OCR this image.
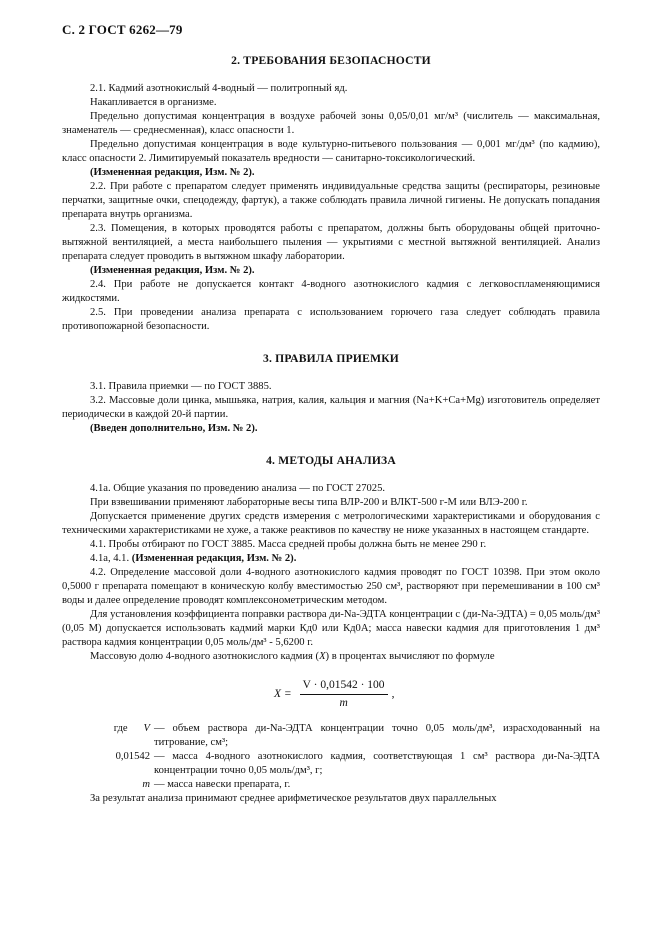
С. 2 ГОСТ 6262—79
2. ТРЕБОВАНИЯ БЕЗОПАСНОСТИ

2.1. Кадмий азотнокислый 4-водный — политропный яд.

Накапливается в организме.

Предельно допустимая концентрация в воздухе рабочей зоны 0,05/0,01 мг/м³ (числитель — максимальная, знаменатель — среднесменная), класс опасности 1.

Предельно допустимая концентрация в воде культурно-питьевого пользования — 0,001 мг/дм³ (по кадмию), класс опасности 2. Лимитируемый показатель вредности — санитарно-токсикологический.

(Измененная редакция, Изм. № 2).

2.2. При работе с препаратом следует применять индивидуальные средства защиты (респираторы, резиновые перчатки, защитные очки, спецодежду, фартук), а также соблюдать правила личной гигиены. Не допускать попадания препарата внутрь организма.

2.3. Помещения, в которых проводятся работы с препаратом, должны быть оборудованы общей приточно-вытяжной вентиляцией, а места наибольшего пыления — укрытиями с местной вытяжной вентиляцией. Анализ препарата следует проводить в вытяжном шкафу лаборатории.

(Измененная редакция, Изм. № 2).

2.4. При работе не допускается контакт 4-водного азотнокислого кадмия с легковоспламеняющимися жидкостями.

2.5. При проведении анализа препарата с использованием горючего газа следует соблюдать правила противопожарной безопасности.

3. ПРАВИЛА ПРИЕМКИ

3.1. Правила приемки — по ГОСТ 3885.

3.2. Массовые доли цинка, мышьяка, натрия, калия, кальция и магния (Na+K+Ca+Mg) изготовитель определяет периодически в каждой 20-й партии.

(Введен дополнительно, Изм. № 2).

4. МЕТОДЫ АНАЛИЗА

4.1а. Общие указания по проведению анализа — по ГОСТ 27025.

При взвешивании применяют лабораторные весы типа ВЛР-200 и ВЛКТ-500 г-М или ВЛЭ-200 г.

Допускается применение других средств измерения с метрологическими характеристиками и оборудования с техническими характеристиками не хуже, а также реактивов по качеству не ниже указанных в настоящем стандарте.

4.1. Пробы отбирают по ГОСТ 3885. Масса средней пробы должна быть не менее 290 г.

4.1а, 4.1. (Измененная редакция, Изм. № 2).

4.2. Определение массовой доли 4-водного азотнокислого кадмия проводят по ГОСТ 10398. При этом около 0,5000 г препарата помещают в коническую колбу вместимостью 250 см³, растворяют при перемешивании в 100 см³ воды и далее определение проводят комплексонометрическим методом.

Для установления коэффициента поправки раствора ди-Na-ЭДТА концентрации с (ди-Na-ЭДТА) = 0,05 моль/дм³ (0,05 М) допускается использовать кадмий марки Кд0 или Кд0А; масса навески кадмия для приготовления 1 дм³ раствора кадмия концентрации 0,05 моль/дм³ - 5,6200 г.

Массовую долю 4-водного азотнокислого кадмия (X) в процентах вычисляют по формуле

$X = \frac{V \cdot 0,01542 \cdot 100}{m}$ ,
где V — объем раствора ди-Na-ЭДТА концентрации точно 0,05 моль/дм³, израсходованный на титрование, см³;
0,01542 — масса 4-водного азотнокислого кадмия, соответствующая 1 см³ раствора ди-Na-ЭДТА концентрации точно 0,05 моль/дм³, г;
m — масса навески препарата, г.

За результат анализа принимают среднее арифметическое результатов двух параллельных
